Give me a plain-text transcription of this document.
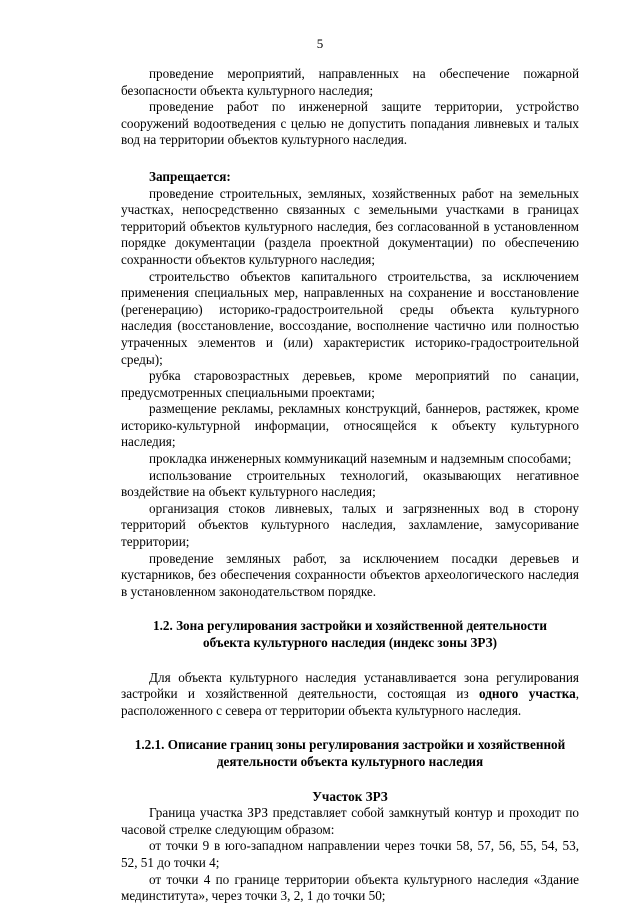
5

проведение мероприятий, направленных на обеспечение пожарной безопасности объекта культурного наследия;

проведение работ по инженерной защите территории, устройство сооружений водоотведения с целью не допустить попадания ливневых и талых вод на территории объектов культурного наследия.

Запрещается:

проведение строительных, земляных, хозяйственных работ на земельных участках, непосредственно связанных с земельными участками в границах территорий объектов культурного наследия, без согласованной в установленном порядке документации (раздела проектной документации) по обеспечению сохранности объектов культурного наследия;

строительство объектов капитального строительства, за исключением применения специальных мер, направленных на сохранение и восстановление (регенерацию) историко-градостроительной среды объекта культурного наследия (восстановление, воссоздание, восполнение частично или полностью утраченных элементов и (или) характеристик историко-градостроительной среды);

рубка старовозрастных деревьев, кроме мероприятий по санации, предусмотренных специальными проектами;

размещение рекламы, рекламных конструкций, баннеров, растяжек, кроме историко-культурной информации, относящейся к объекту культурного наследия;

прокладка инженерных коммуникаций наземным и надземным способами;

использование строительных технологий, оказывающих негативное воздействие на объект культурного наследия;

организация стоков ливневых, талых и загрязненных вод в сторону территорий объектов культурного наследия, захламление, замусоривание территории;

проведение земляных работ, за исключением посадки деревьев и кустарников, без обеспечения сохранности объектов археологического наследия в установленном законодательством порядке.

1.2. Зона регулирования застройки и хозяйственной деятельности
объекта культурного наследия (индекс зоны ЗРЗ)

Для объекта культурного наследия устанавливается зона регулирования застройки и хозяйственной деятельности, состоящая из одного участка, расположенного с севера от территории объекта культурного наследия.

1.2.1. Описание границ зоны регулирования застройки и хозяйственной
деятельности объекта культурного наследия
Участок ЗРЗ

Граница участка ЗРЗ представляет собой замкнутый контур и проходит по часовой стрелке следующим образом:

от точки 9 в юго-западном направлении через точки 58, 57, 56, 55, 54, 53, 52, 51 до точки 4;

от точки 4 по границе территории объекта культурного наследия «Здание мединститута», через точки 3, 2, 1 до точки 50;
